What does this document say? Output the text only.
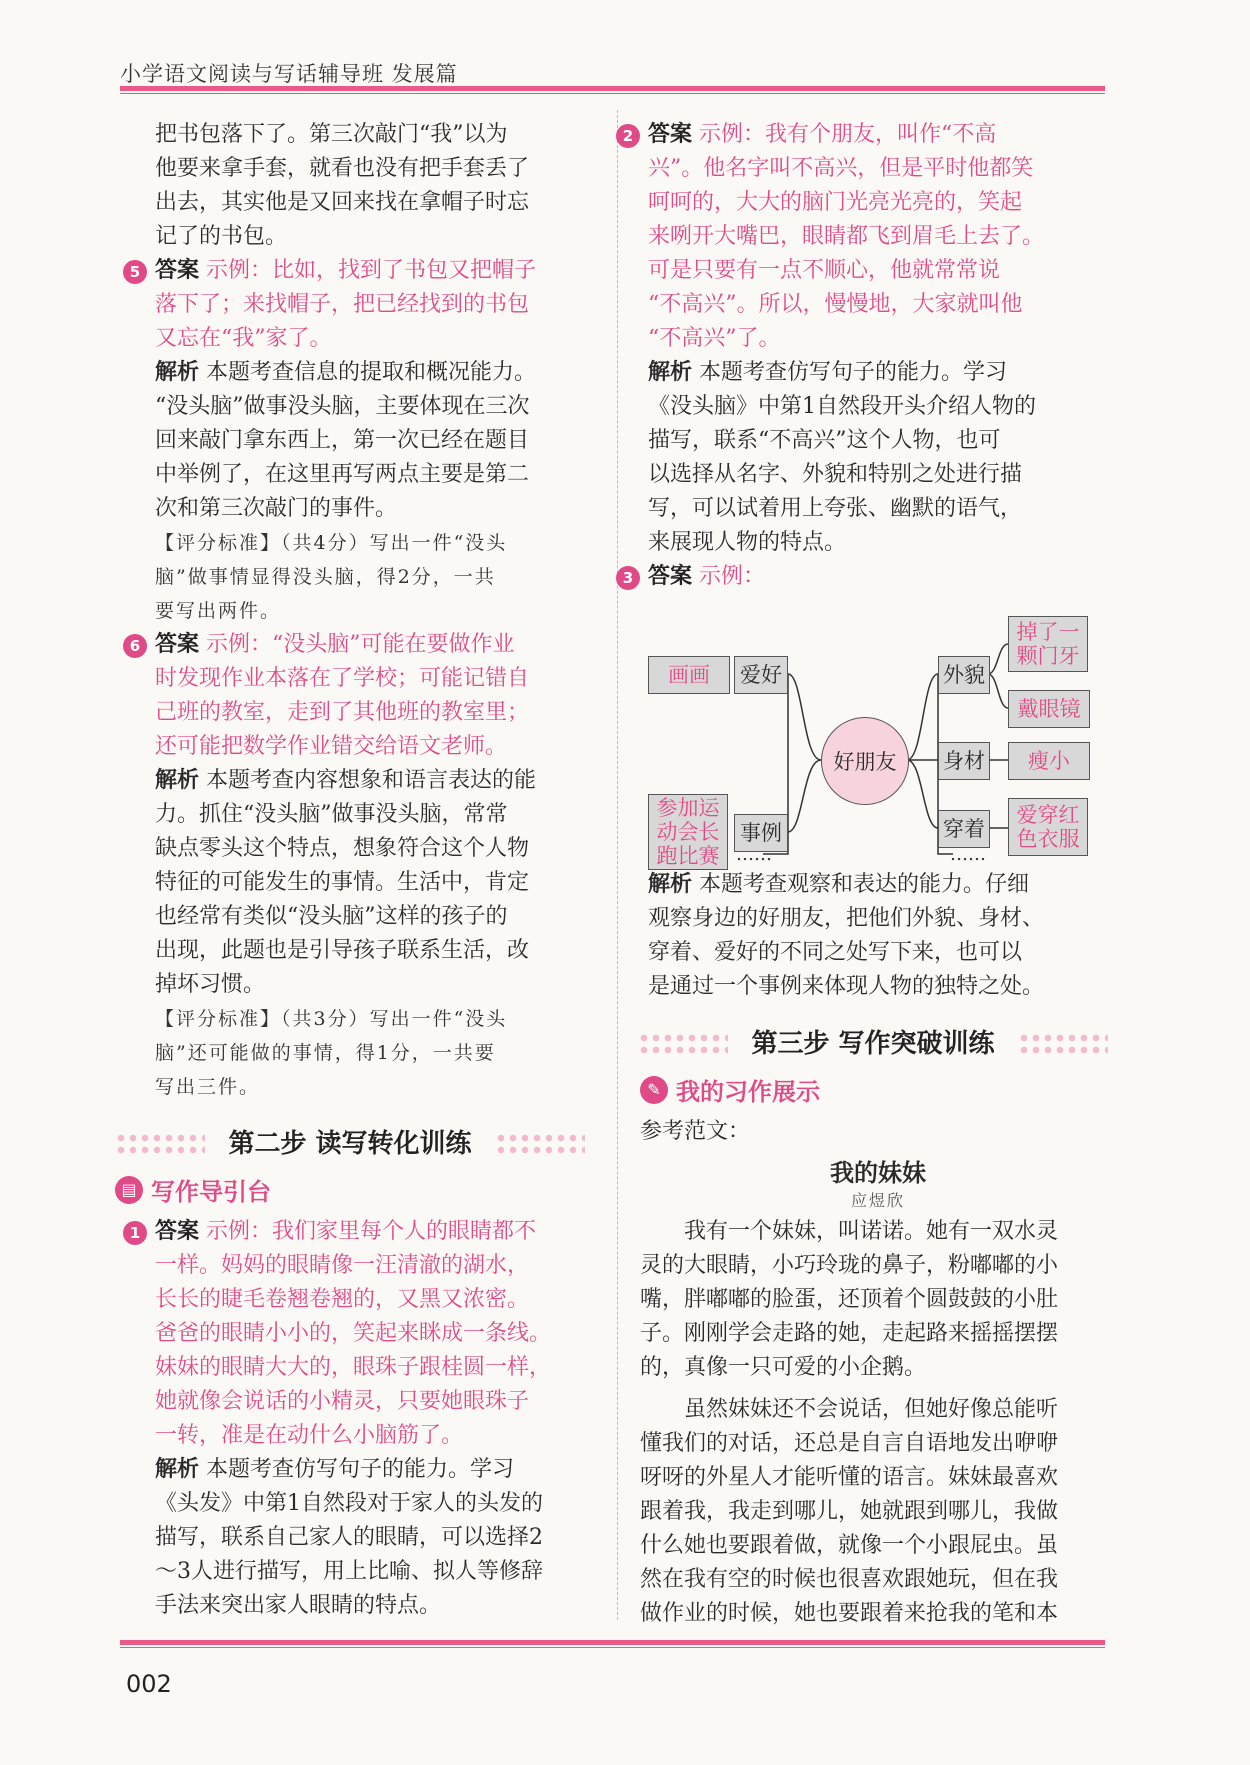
小学语文阅读与写话辅导班 发展篇

把书包落下了。第三次敲门“我”以为

他要来拿手套，就看也没有把手套丢了

出去，其实他是又回来找在拿帽子时忘

记了的书包。

5 答案 示例：比如，找到了书包又把帽子

落下了；来找帽子，把已经找到的书包

又忘在“我”家了。

解析 本题考查信息的提取和概况能力。

“没头脑”做事没头脑，主要体现在三次

回来敲门拿东西上，第一次已经在题目

中举例了，在这里再写两点主要是第二

次和第三次敲门的事件。

【评分标准】（共4分）写出一件“没头

脑”做事情显得没头脑，得2分，一共

要写出两件。

6 答案 示例：“没头脑”可能在要做作业

时发现作业本落在了学校；可能记错自

己班的教室，走到了其他班的教室里；

还可能把数学作业错交给语文老师。

解析 本题考查内容想象和语言表达的能

力。抓住“没头脑”做事没头脑，常常

缺点零头这个特点，想象符合这个人物

特征的可能发生的事情。生活中，肯定

也经常有类似“没头脑”这样的孩子的

出现，此题也是引导孩子联系生活，改

掉坏习惯。

【评分标准】（共3分）写出一件“没头

脑”还可能做的事情，得1分，一共要

写出三件。

第二步 读写转化训练
▤ 写作导引台
1 答案 示例：我们家里每个人的眼睛都不

一样。妈妈的眼睛像一汪清澈的湖水，

长长的睫毛卷翘卷翘的，又黑又浓密。

爸爸的眼睛小小的，笑起来眯成一条线。

妹妹的眼睛大大的，眼珠子跟桂圆一样，

她就像会说话的小精灵，只要她眼珠子

一转，准是在动什么小脑筋了。

解析 本题考查仿写句子的能力。学习

《头发》中第1自然段对于家人的头发的

描写，联系自己家人的眼睛，可以选择2

～3人进行描写，用上比喻、拟人等修辞

手法来突出家人眼睛的特点。

2 答案 示例：我有个朋友，叫作“不高

兴”。他名字叫不高兴，但是平时他都笑

呵呵的，大大的脑门光亮光亮的，笑起

来咧开大嘴巴，眼睛都飞到眉毛上去了。

可是只要有一点不顺心，他就常常说

“不高兴”。所以，慢慢地，大家就叫他

“不高兴”了。

解析 本题考查仿写句子的能力。学习

《没头脑》中第1自然段开头介绍人物的

描写，联系“不高兴”这个人物，也可

以选择从名字、外貌和特别之处进行描

写，可以试着用上夸张、幽默的语气，

来展现人物的特点。

3 答案 示例：

好朋友
画画	爱好
参加运动会长跑比赛
事例
……
外貌
掉了一颗门牙
戴眼镜
身材	瘦小
穿着
爱穿红色衣服
……

解析 本题考查观察和表达的能力。仔细

观察身边的好朋友，把他们外貌、身材、

穿着、爱好的不同之处写下来，也可以

是通过一个事例来体现人物的独特之处。

第三步 写作突破训练
✎ 我的习作展示

参考范文：

我的妹妹

应煜欣

我有一个妹妹，叫诺诺。她有一双水灵

灵的大眼睛，小巧玲珑的鼻子，粉嘟嘟的小

嘴，胖嘟嘟的脸蛋，还顶着个圆鼓鼓的小肚

子。刚刚学会走路的她，走起路来摇摇摆摆

的，真像一只可爱的小企鹅。

虽然妹妹还不会说话，但她好像总能听

懂我们的对话，还总是自言自语地发出咿咿

呀呀的外星人才能听懂的语言。妹妹最喜欢

跟着我，我走到哪儿，她就跟到哪儿，我做

什么她也要跟着做，就像一个小跟屁虫。虽

然在我有空的时候也很喜欢跟她玩，但在我

做作业的时候，她也要跟着来抢我的笔和本

002
